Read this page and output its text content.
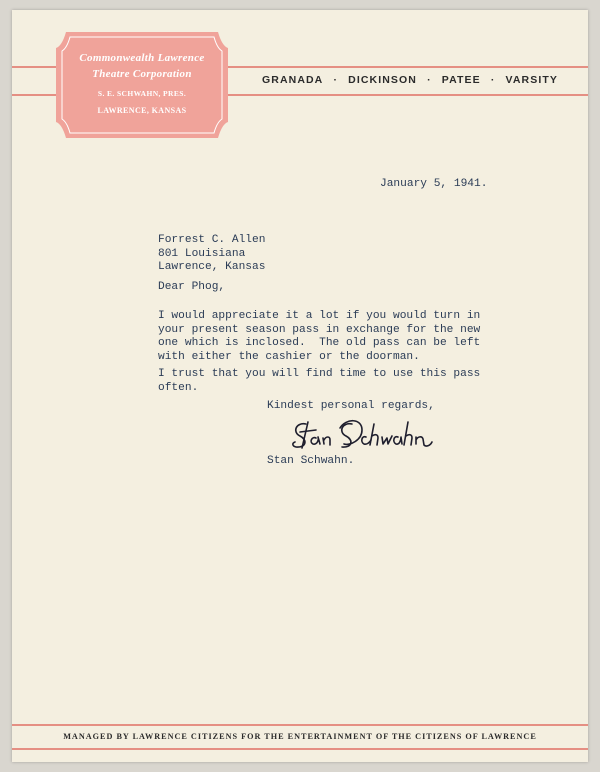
Commonwealth Lawrence
Theatre Corporation
S. E. SCHWAHN, PRES.
LAWRENCE, KANSAS
GRANADA · DICKINSON · PATEE · VARSITY
January 5, 1941.
Forrest C. Allen
801 Louisiana
Lawrence, Kansas
Dear Phog,
I would appreciate it a lot if you would turn in
your present season pass in exchange for the new
one which is inclosed.  The old pass can be left
with either the cashier or the doorman.
I trust that you will find time to use this pass
often.
Kindest personal regards,
Stan Schwahn.
MANAGED BY LAWRENCE CITIZENS FOR THE ENTERTAINMENT OF THE CITIZENS OF LAWRENCE
